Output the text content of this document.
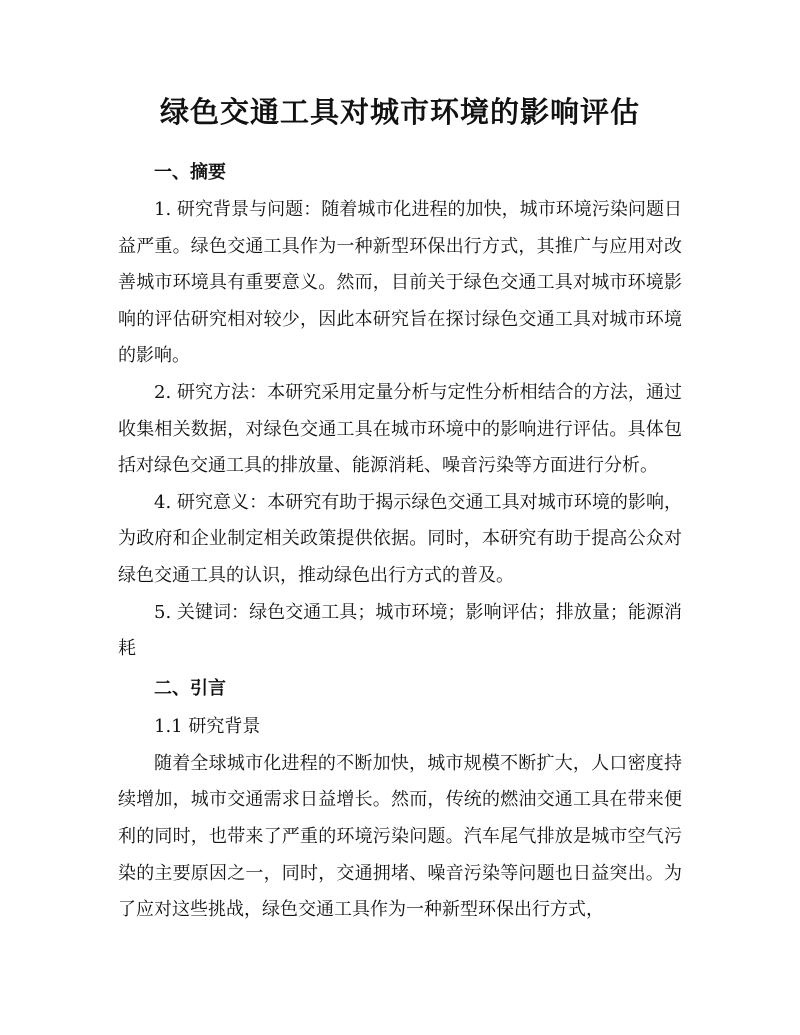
绿色交通工具对城市环境的影响评估
一、摘要

1. 研究背景与问题：随着城市化进程的加快，城市环境污染问题日益严重。绿色交通工具作为一种新型环保出行方式，其推广与应用对改善城市环境具有重要意义。然而，目前关于绿色交通工具对城市环境影响的评估研究相对较少，因此本研究旨在探讨绿色交通工具对城市环境的影响。

2. 研究方法：本研究采用定量分析与定性分析相结合的方法，通过收集相关数据，对绿色交通工具在城市环境中的影响进行评估。具体包括对绿色交通工具的排放量、能源消耗、噪音污染等方面进行分析。

4. 研究意义：本研究有助于揭示绿色交通工具对城市环境的影响，为政府和企业制定相关政策提供依据。同时，本研究有助于提高公众对绿色交通工具的认识，推动绿色出行方式的普及。

5. 关键词：绿色交通工具；城市环境；影响评估；排放量；能源消耗

二、引言

1.1 研究背景

随着全球城市化进程的不断加快，城市规模不断扩大，人口密度持续增加，城市交通需求日益增长。然而，传统的燃油交通工具在带来便利的同时，也带来了严重的环境污染问题。汽车尾气排放是城市空气污染的主要原因之一，同时，交通拥堵、噪音污染等问题也日益突出。为了应对这些挑战，绿色交通工具作为一种新型环保出行方式，
